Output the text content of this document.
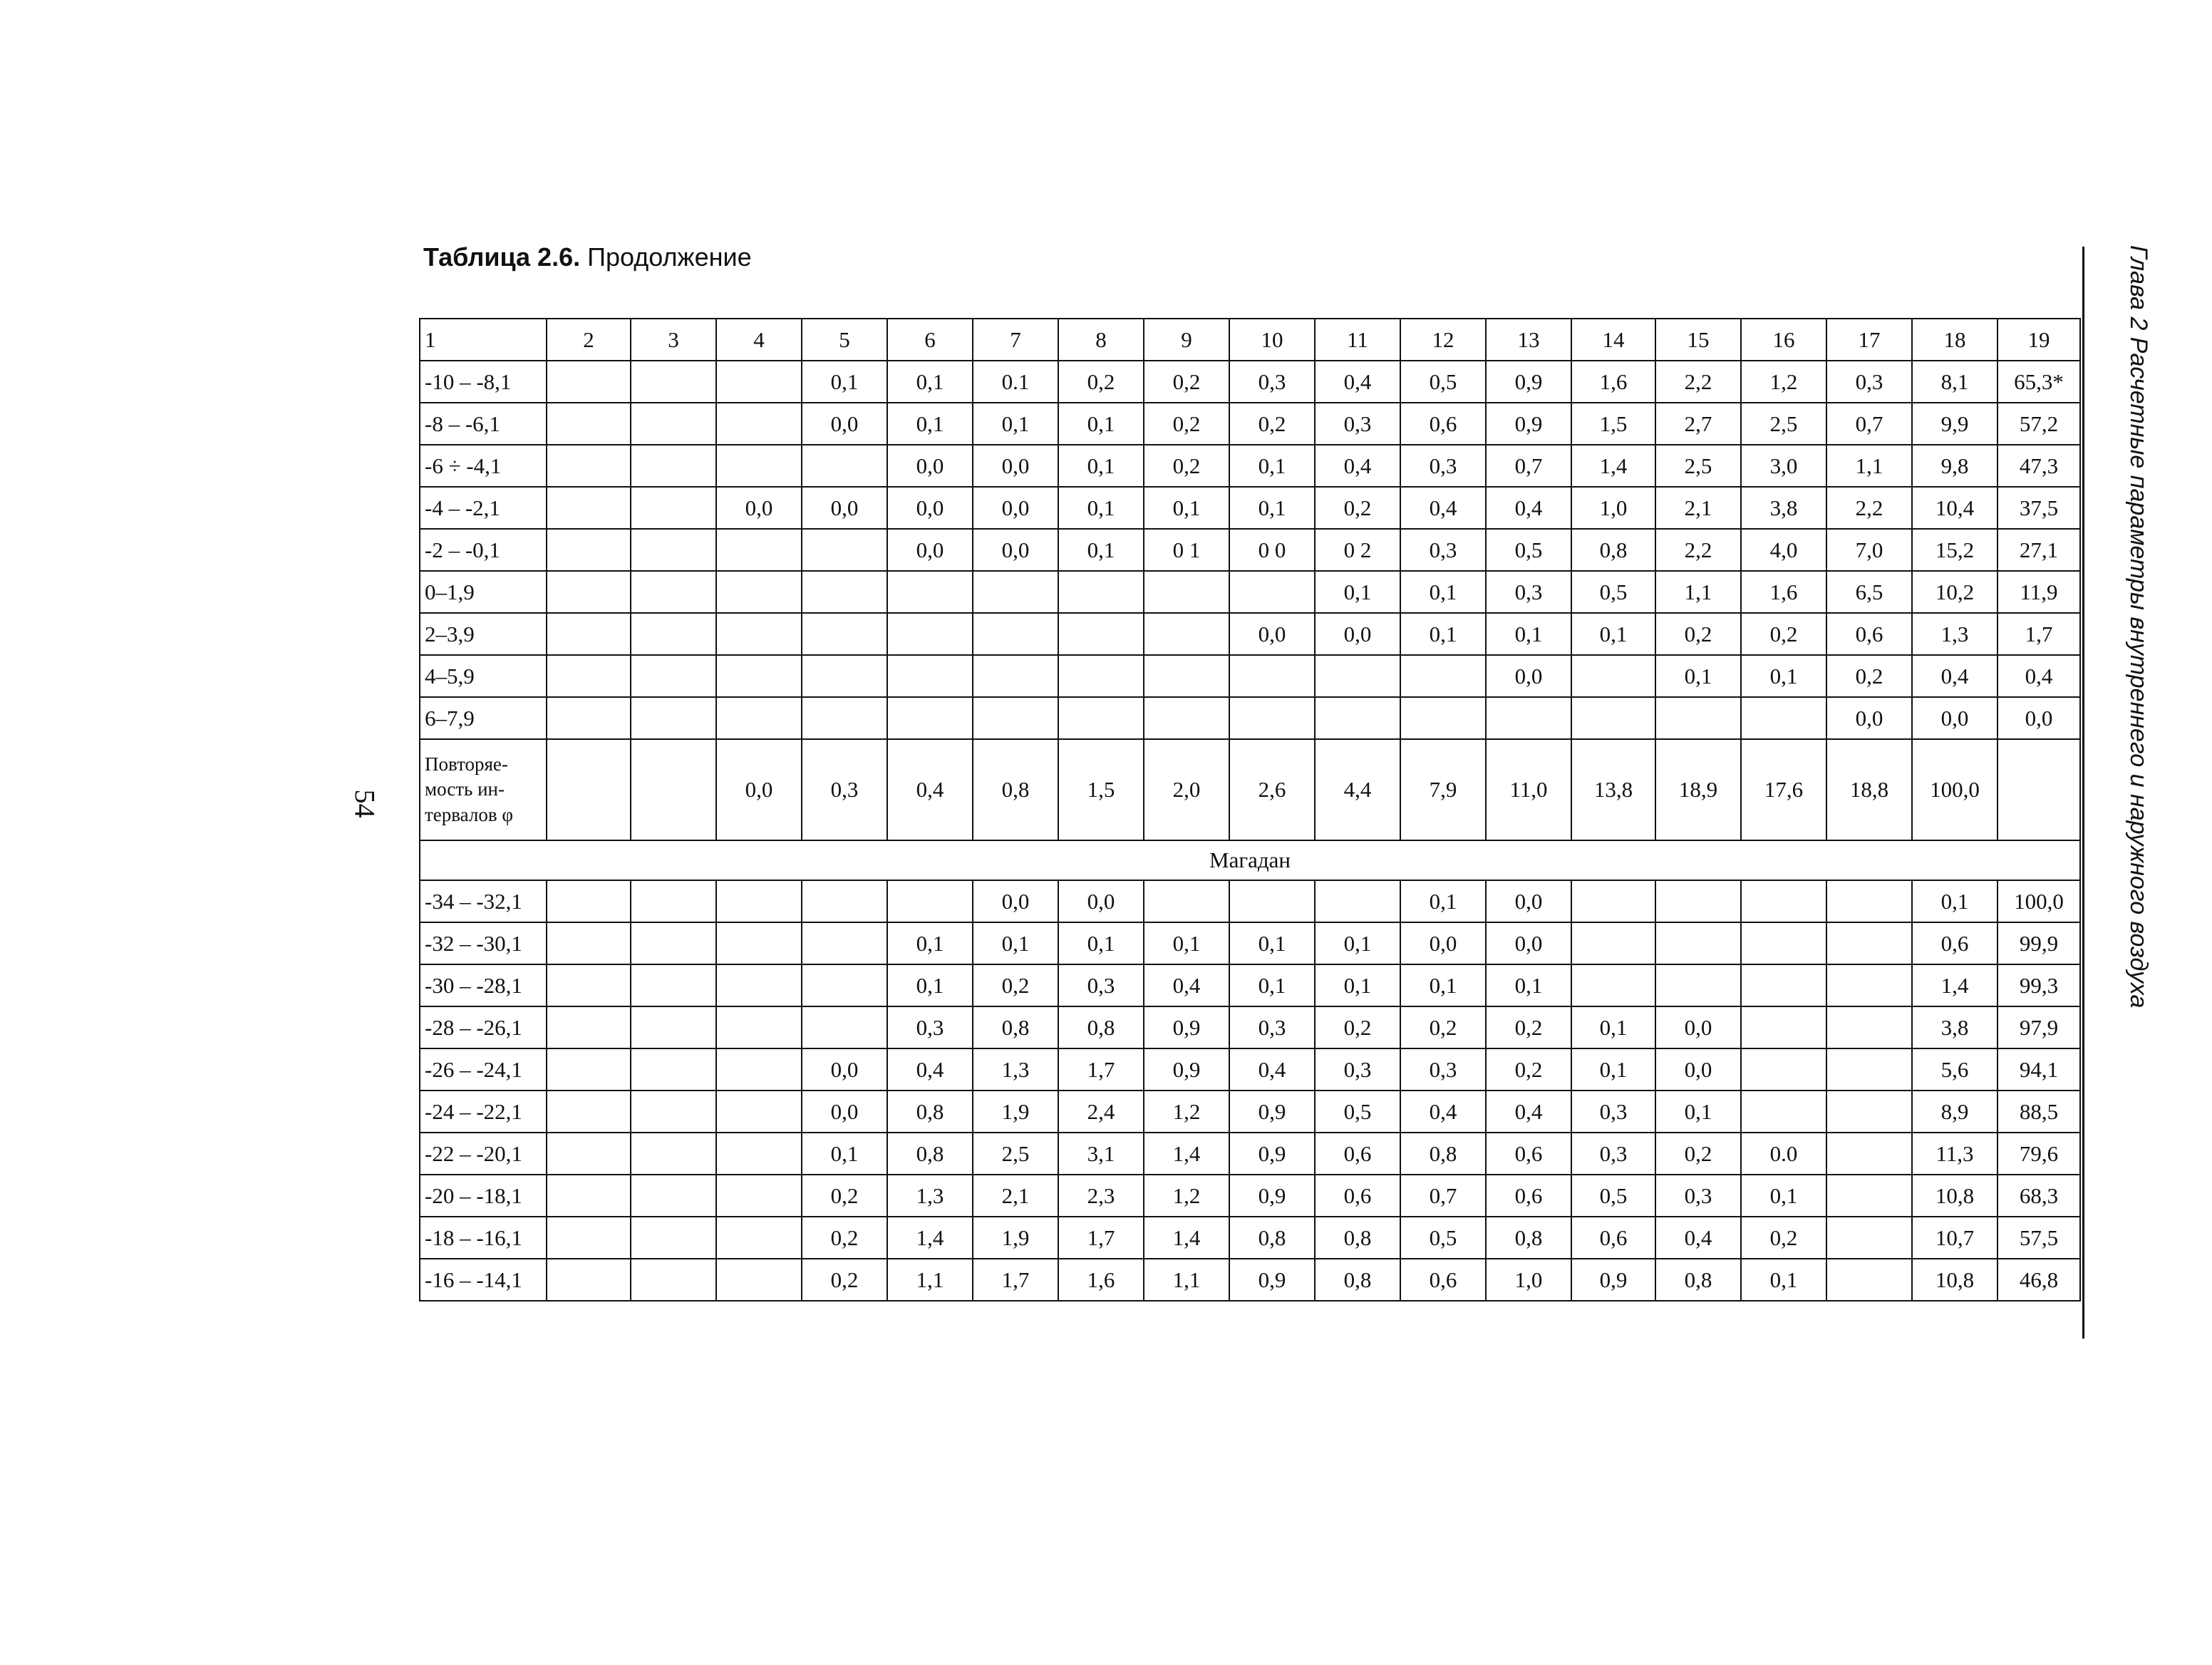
Таблица 2.6. Продолжение
1	2	3	4	5	6	7	8	9	10	11	12	13	14	15	16	17	18	19
-10 – -8,1				0,1	0,1	0.1	0,2	0,2	0,3	0,4	0,5	0,9	1,6	2,2	1,2	0,3	8,1	65,3*
-8 – -6,1				0,0	0,1	0,1	0,1	0,2	0,2	0,3	0,6	0,9	1,5	2,7	2,5	0,7	9,9	57,2
-6 ÷ -4,1					0,0	0,0	0,1	0,2	0,1	0,4	0,3	0,7	1,4	2,5	3,0	1,1	9,8	47,3
-4 – -2,1			0,0	0,0	0,0	0,0	0,1	0,1	0,1	0,2	0,4	0,4	1,0	2,1	3,8	2,2	10,4	37,5
-2 – -0,1					0,0	0,0	0,1	0 1	0 0	0 2	0,3	0,5	0,8	2,2	4,0	7,0	15,2	27,1
0–1,9										0,1	0,1	0,3	0,5	1,1	1,6	6,5	10,2	11,9
2–3,9									0,0	0,0	0,1	0,1	0,1	0,2	0,2	0,6	1,3	1,7
4–5,9												0,0		0,1	0,1	0,2	0,4	0,4
6–7,9																0,0	0,0	0,0
Повторяе-мость ин-тервалов φ			0,0	0,3	0,4	0,8	1,5	2,0	2,6	4,4	7,9	11,0	13,8	18,9	17,6	18,8	100,0	
Магадан																		
-34 – -32,1						0,0	0,0				0,1	0,0					0,1	100,0
-32 – -30,1					0,1	0,1	0,1	0,1	0,1	0,1	0,0	0,0					0,6	99,9
-30 – -28,1					0,1	0,2	0,3	0,4	0,1	0,1	0,1	0,1					1,4	99,3
-28 – -26,1					0,3	0,8	0,8	0,9	0,3	0,2	0,2	0,2	0,1	0,0			3,8	97,9
-26 – -24,1				0,0	0,4	1,3	1,7	0,9	0,4	0,3	0,3	0,2	0,1	0,0			5,6	94,1
-24 – -22,1				0,0	0,8	1,9	2,4	1,2	0,9	0,5	0,4	0,4	0,3	0,1			8,9	88,5
-22 – -20,1				0,1	0,8	2,5	3,1	1,4	0,9	0,6	0,8	0,6	0,3	0,2	0.0		11,3	79,6
-20 – -18,1				0,2	1,3	2,1	2,3	1,2	0,9	0,6	0,7	0,6	0,5	0,3	0,1		10,8	68,3
-18 – -16,1				0,2	1,4	1,9	1,7	1,4	0,8	0,8	0,5	0,8	0,6	0,4	0,2		10,7	57,5
-16 – -14,1				0,2	1,1	1,7	1,6	1,1	0,9	0,8	0,6	1,0	0,9	0,8	0,1		10,8	46,8
54	Глава 2 Расчетные параметры внутреннего и наружного воздуха
